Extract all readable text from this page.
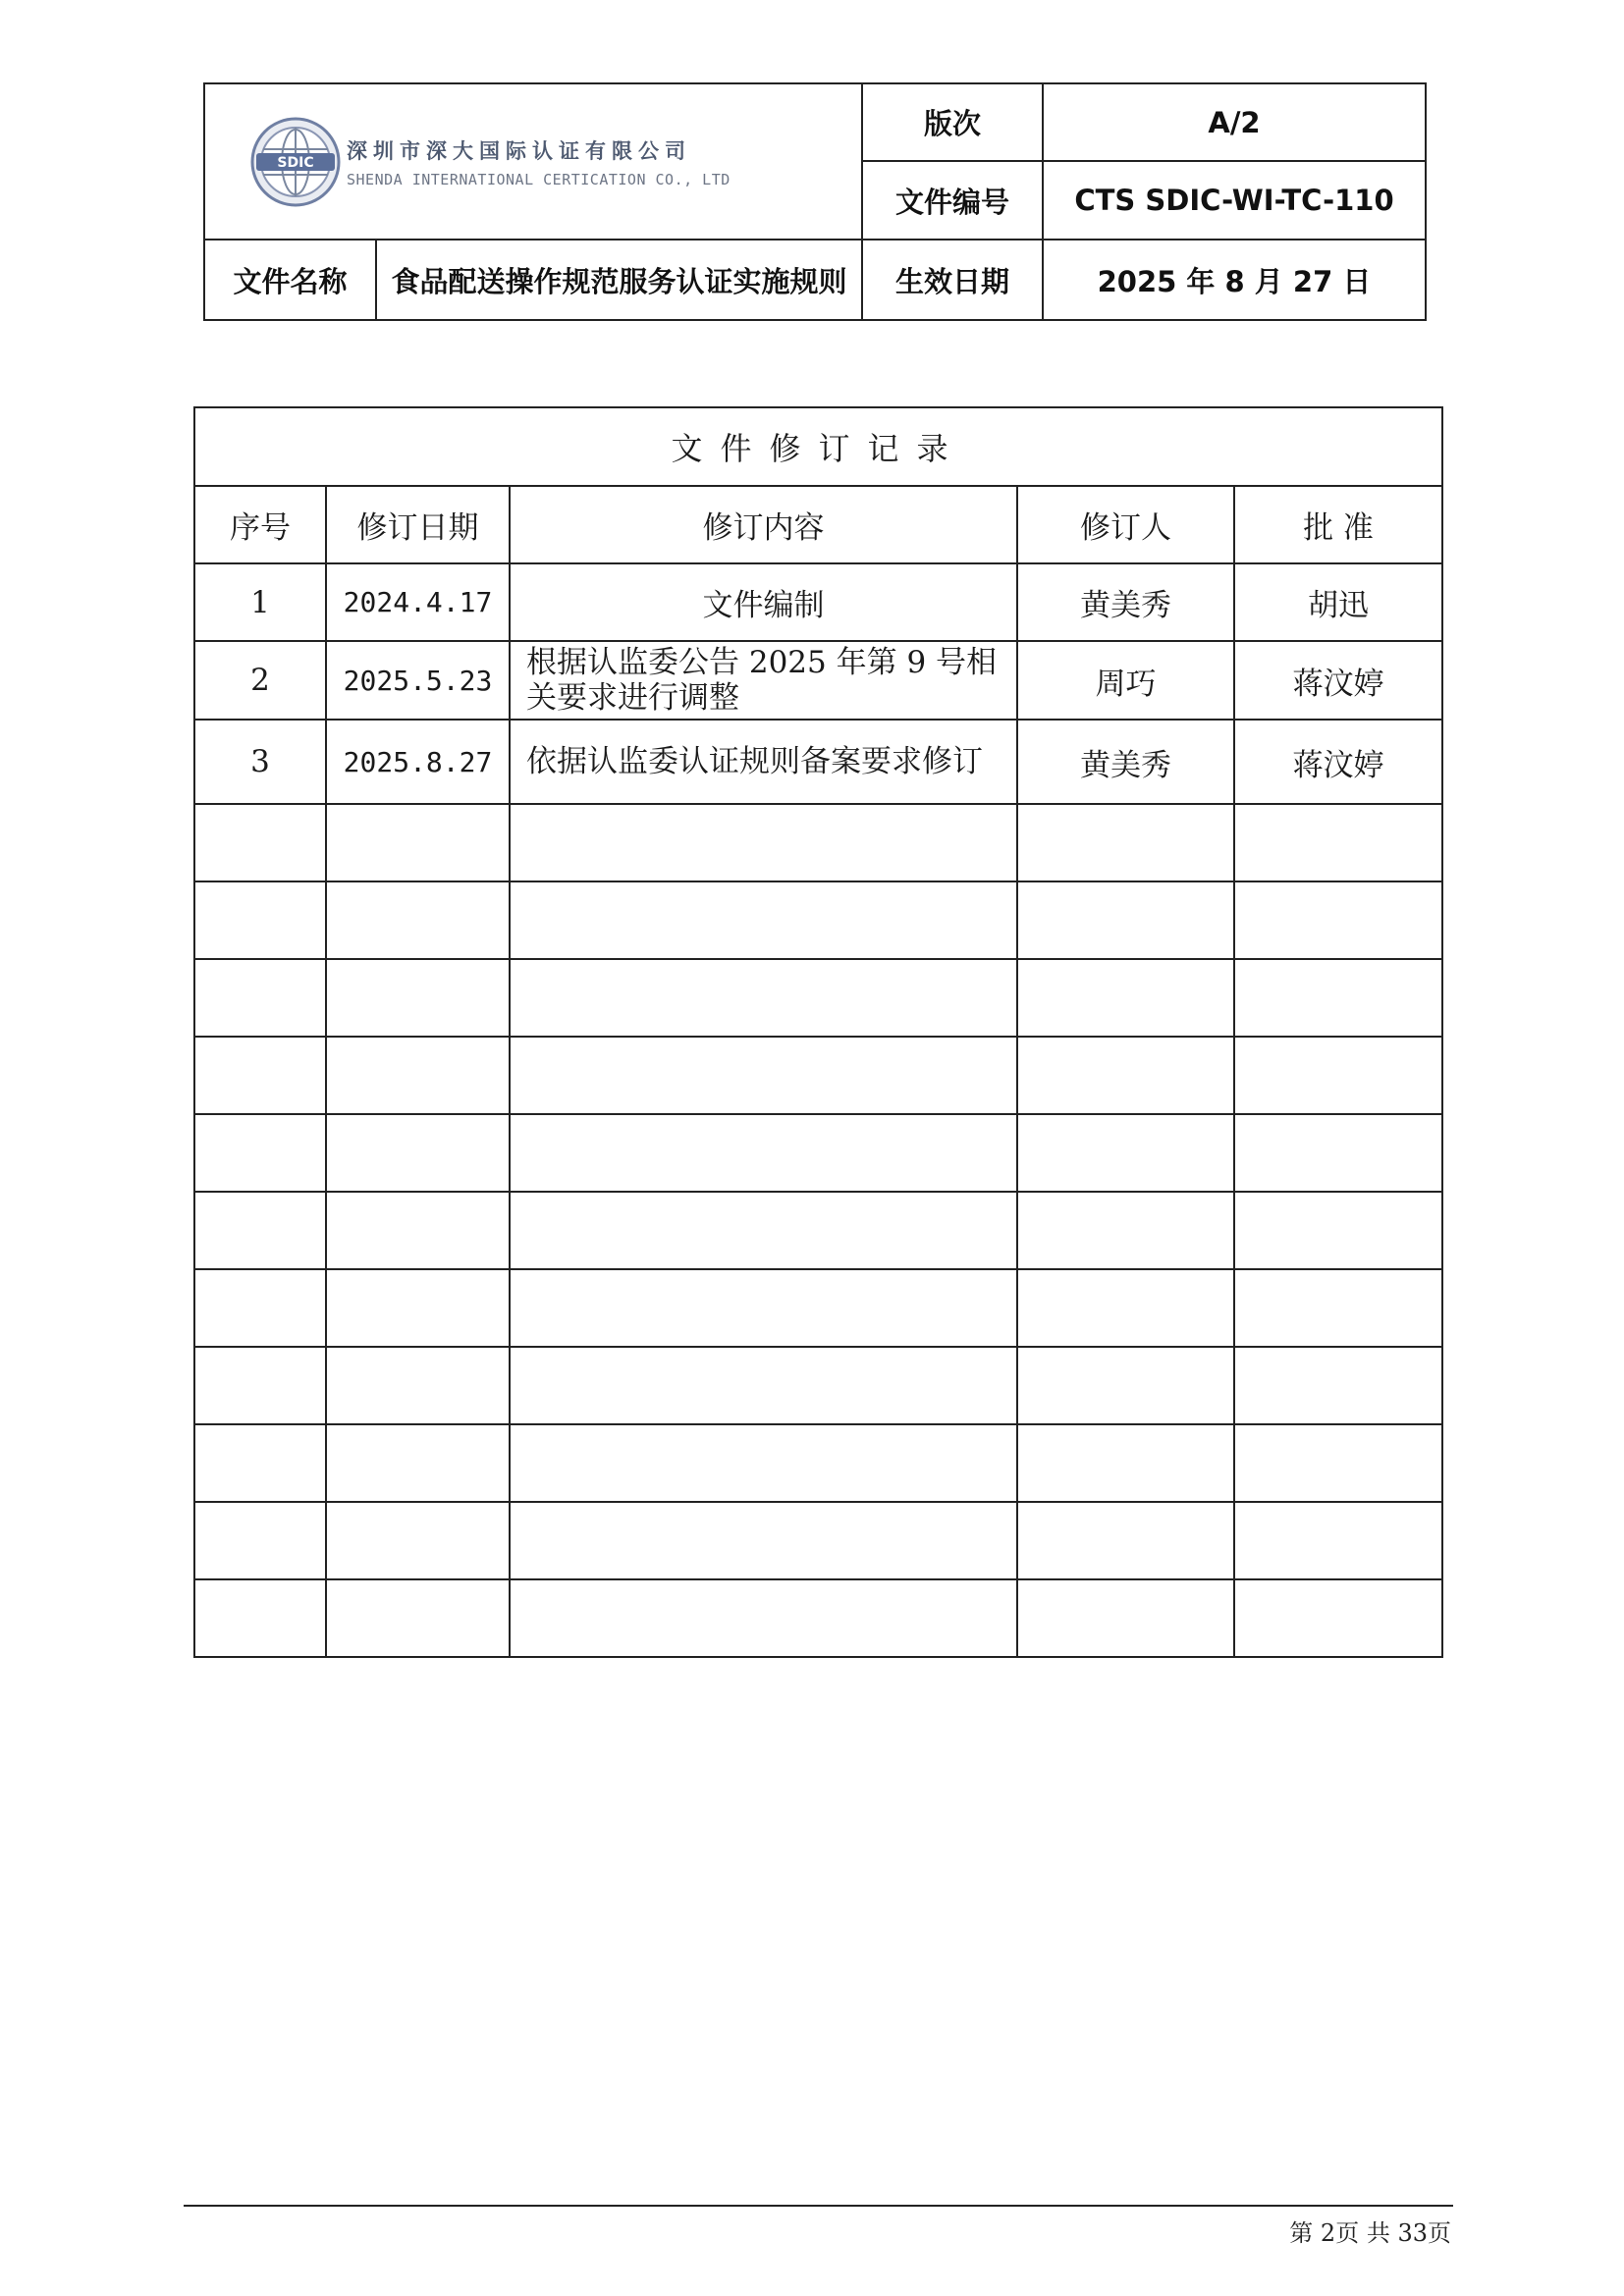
SDIC 深圳市深大国际认证有限公司
SHENDA INTERNATIONAL CERTICATION CO., LTD		版次	A/2
		文件编号	CTS SDIC-WI-TC-110
文件名称	食品配送操作规范服务认证实施规则	生效日期	2025 年 8 月 27 日
文件修订记录				
序号	修订日期	修订内容	修订人	批 准
1	2024.4.17	文件编制	黄美秀	胡迅
2	2025.5.23	根据认监委公告 2025 年第 9 号相关要求进行调整	周巧	蒋汶婷
3	2025.8.27	依据认监委认证规则备案要求修订	黄美秀	蒋汶婷

第 2页 共 33页
